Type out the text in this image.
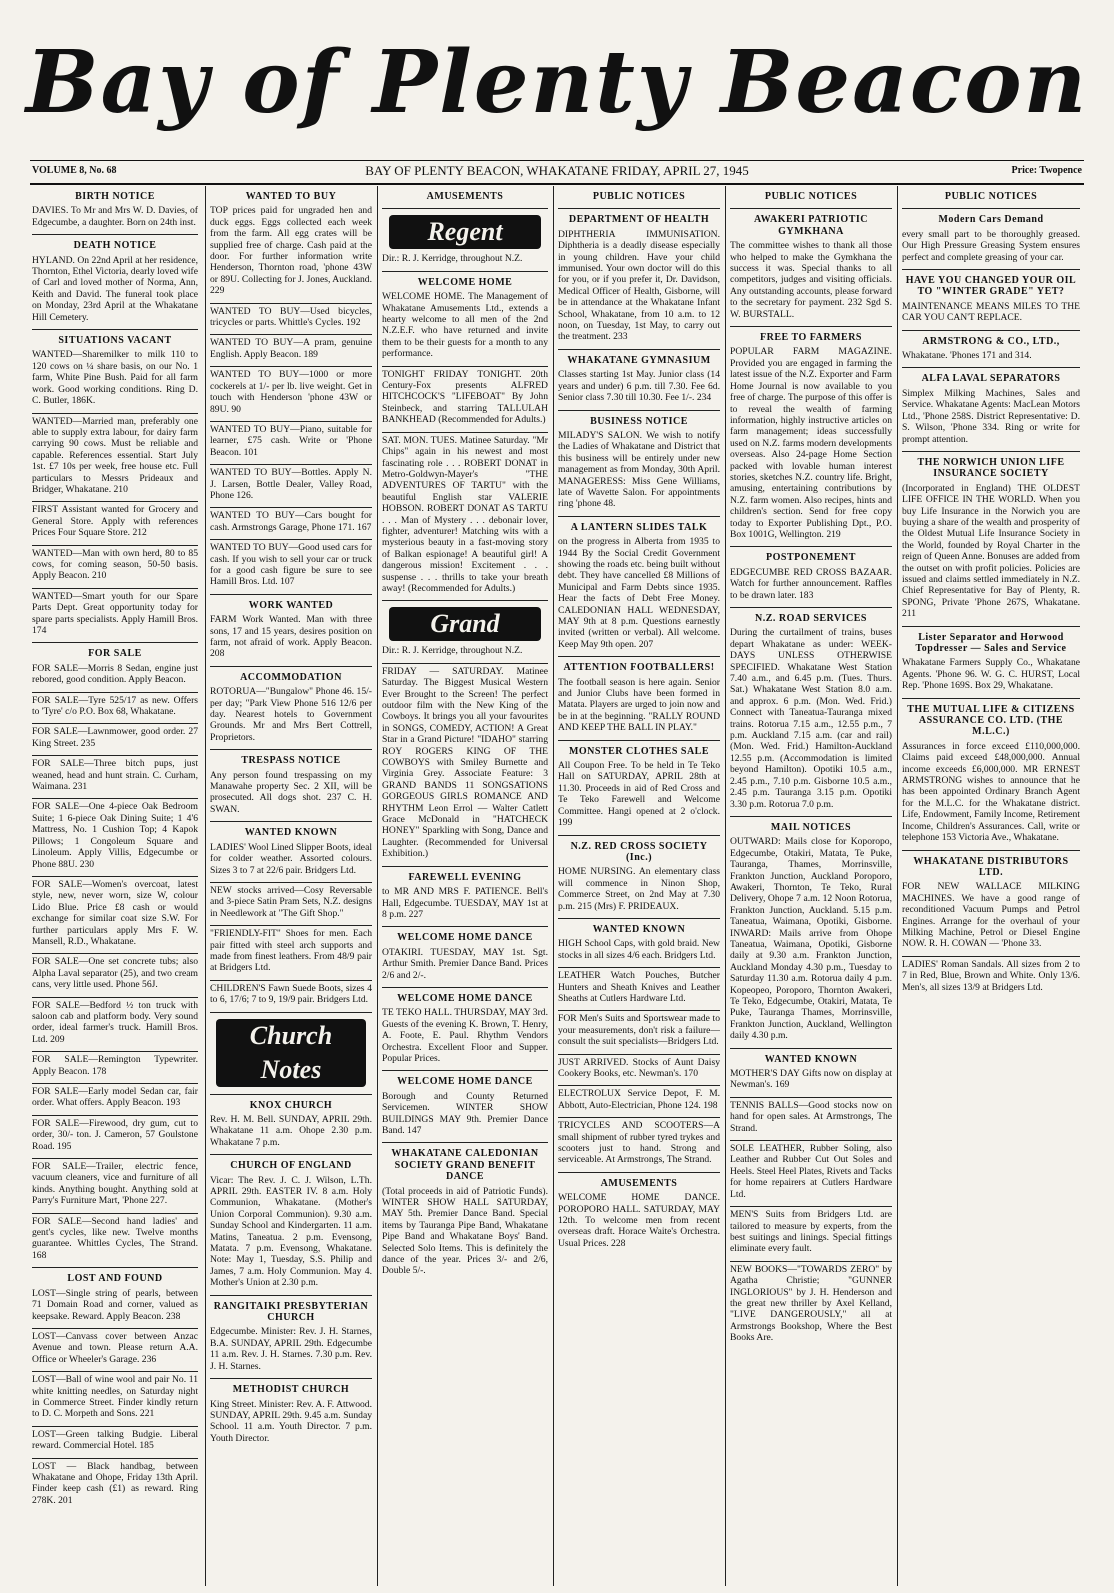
Bay of Plenty Beacon
VOLUME 8, No. 68	BAY OF PLENTY BEACON, WHAKATANE FRIDAY, APRIL 27, 1945	Price: Twopence
BIRTH NOTICE

DAVIES. To Mr and Mrs W. D. Davies, of Edgecumbe, a daughter. Born on 24th inst.

DEATH NOTICE

HYLAND. On 22nd April at her residence, Thornton, Ethel Victoria, dearly loved wife of Carl and loved mother of Norma, Ann, Keith and David. The funeral took place on Monday, 23rd April at the Whakatane Hill Cemetery.

SITUATIONS VACANT

WANTED—Sharemilker to milk 110 to 120 cows on ¼ share basis, on our No. 1 farm, White Pine Bush. Paid for all farm work. Good working conditions. Ring D. C. Butler, 186K.

WANTED—Married man, preferably one able to supply extra labour, for dairy farm carrying 90 cows. Must be reliable and capable. References essential. Start July 1st. £7 10s per week, free house etc. Full particulars to Messrs Prideaux and Bridger, Whakatane. 210

FIRST Assistant wanted for Grocery and General Store. Apply with references Prices Four Square Store. 212

WANTED—Man with own herd, 80 to 85 cows, for coming season, 50-50 basis. Apply Beacon. 210

WANTED—Smart youth for our Spare Parts Dept. Great opportunity today for spare parts specialists. Apply Hamill Bros. 174

FOR SALE

FOR SALE—Morris 8 Sedan, engine just rebored, good condition. Apply Beacon.

FOR SALE—Tyre 525/17 as new. Offers to 'Tyre' c/o P.O. Box 68, Whakatane.

FOR SALE—Lawnmower, good order. 27 King Street. 235

FOR SALE—Three bitch pups, just weaned, head and hunt strain. C. Curham, Waimana. 231

FOR SALE—One 4-piece Oak Bedroom Suite; 1 6-piece Oak Dining Suite; 1 4'6 Mattress, No. 1 Cushion Top; 4 Kapok Pillows; 1 Congoleum Square and Linoleum. Apply Villis, Edgecumbe or Phone 88U. 230

FOR SALE—Women's overcoat, latest style, new, never worn, size W, colour Lido Blue. Price £8 cash or would exchange for similar coat size S.W. For further particulars apply Mrs F. W. Mansell, R.D., Whakatane.

FOR SALE—One set concrete tubs; also Alpha Laval separator (25), and two cream cans, very little used. Phone 56J.

FOR SALE—Bedford ½ ton truck with saloon cab and platform body. Very sound order, ideal farmer's truck. Hamill Bros. Ltd. 209

FOR SALE—Remington Typewriter. Apply Beacon. 178

FOR SALE—Early model Sedan car, fair order. What offers. Apply Beacon. 193

FOR SALE—Firewood, dry gum, cut to order, 30/- ton. J. Cameron, 57 Goulstone Road. 195

FOR SALE—Trailer, electric fence, vacuum cleaners, vice and furniture of all kinds. Anything bought. Anything sold at Parry's Furniture Mart, 'Phone 227.

FOR SALE—Second hand ladies' and gent's cycles, like new. Twelve months guarantee. Whittles Cycles, The Strand. 168

LOST AND FOUND

LOST—Single string of pearls, between 71 Domain Road and corner, valued as keepsake. Reward. Apply Beacon. 238

LOST—Canvass cover between Anzac Avenue and town. Please return A.A. Office or Wheeler's Garage. 236

LOST—Ball of wine wool and pair No. 11 white knitting needles, on Saturday night in Commerce Street. Finder kindly return to D. C. Morpeth and Sons. 221

LOST—Green talking Budgie. Liberal reward. Commercial Hotel. 185

LOST — Black handbag, between Whakatane and Ohope, Friday 13th April. Finder keep cash (£1) as reward. Ring 278K. 201

WANTED TO BUY

TOP prices paid for ungraded hen and duck eggs. Eggs collected each week from the farm. All egg crates will be supplied free of charge. Cash paid at the door. For further information write Henderson, Thornton road, 'phone 43W or 89U. Collecting for J. Jones, Auckland. 229

WANTED TO BUY—Used bicycles, tricycles or parts. Whittle's Cycles. 192

WANTED TO BUY—A pram, genuine English. Apply Beacon. 189

WANTED TO BUY—1000 or more cockerels at 1/- per lb. live weight. Get in touch with Henderson 'phone 43W or 89U. 90

WANTED TO BUY—Piano, suitable for learner, £75 cash. Write or 'Phone Beacon. 101

WANTED TO BUY—Bottles. Apply N. J. Larsen, Bottle Dealer, Valley Road, Phone 126.

WANTED TO BUY—Cars bought for cash. Armstrongs Garage, Phone 171. 167

WANTED TO BUY—Good used cars for cash. If you wish to sell your car or truck for a good cash figure be sure to see Hamill Bros. Ltd. 107

WORK WANTED

FARM Work Wanted. Man with three sons, 17 and 15 years, desires position on farm, not afraid of work. Apply Beacon. 208

ACCOMMODATION

ROTORUA—"Bungalow" Phone 46. 15/- per day; "Park View Phone 516 12/6 per day. Nearest hotels to Government Grounds. Mr and Mrs Bert Cottrell, Proprietors.

TRESPASS NOTICE

Any person found trespassing on my Manawahe property Sec. 2 XII, will be prosecuted. All dogs shot. 237 C. H. SWAN.

WANTED KNOWN

LADIES' Wool Lined Slipper Boots, ideal for colder weather. Assorted colours. Sizes 3 to 7 at 22/6 pair. Bridgers Ltd.

NEW stocks arrived—Cosy Reversable and 3-piece Satin Pram Sets, N.Z. designs in Needlework at "The Gift Shop."

"FRIENDLY-FIT" Shoes for men. Each pair fitted with steel arch supports and made from finest leathers. From 48/9 pair at Bridgers Ltd.

CHILDREN'S Fawn Suede Boots, sizes 4 to 6, 17/6; 7 to 9, 19/9 pair. Bridgers Ltd.

Church Notes
KNOX CHURCH

Rev. H. M. Bell. SUNDAY, APRIL 29th. Whakatane 11 a.m. Ohope 2.30 p.m. Whakatane 7 p.m.

CHURCH OF ENGLAND

Vicar: The Rev. J. C. J. Wilson, L.Th. APRIL 29th. EASTER IV. 8 a.m. Holy Communion, Whakatane. (Mother's Union Corporal Communion). 9.30 a.m. Sunday School and Kindergarten. 11 a.m. Matins, Taneatua. 2 p.m. Evensong, Matata. 7 p.m. Evensong, Whakatane. Note: May 1, Tuesday, S.S. Philip and James, 7 a.m. Holy Communion. May 4. Mother's Union at 2.30 p.m.

RANGITAIKI PRESBYTERIAN CHURCH

Edgecumbe. Minister: Rev. J. H. Starnes, B.A. SUNDAY, APRIL 29th. Edgecumbe 11 a.m. Rev. J. H. Starnes. 7.30 p.m. Rev. J. H. Starnes.

METHODIST CHURCH

King Street. Minister: Rev. A. F. Attwood. SUNDAY, APRIL 29th. 9.45 a.m. Sunday School. 11 a.m. Youth Director. 7 p.m. Youth Director.

AMUSEMENTS
Regent

Dir.: R. J. Kerridge, throughout N.Z.

WELCOME HOME

WELCOME HOME. The Management of Whakatane Amusements Ltd., extends a hearty welcome to all men of the 2nd N.Z.E.F. who have returned and invite them to be their guests for a month to any performance.

TONIGHT FRIDAY TONIGHT. 20th Century-Fox presents ALFRED HITCHCOCK'S "LIFEBOAT" By John Steinbeck, and starring TALLULAH BANKHEAD (Recommended for Adults.)

SAT. MON. TUES. Matinee Saturday. "Mr Chips" again in his newest and most fascinating role . . . ROBERT DONAT in Metro-Goldwyn-Mayer's "THE ADVENTURES OF TARTU" with the beautiful English star VALERIE HOBSON. ROBERT DONAT AS TARTU . . . Man of Mystery . . . debonair lover, fighter, adventurer! Matching wits with a mysterious beauty in a fast-moving story of Balkan espionage! A beautiful girl! A dangerous mission! Excitement . . . suspense . . . thrills to take your breath away! (Recommended for Adults.)

Grand

Dir.: R. J. Kerridge, throughout N.Z.

FRIDAY — SATURDAY. Matinee Saturday. The Biggest Musical Western Ever Brought to the Screen! The perfect outdoor film with the New King of the Cowboys. It brings you all your favourites in SONGS, COMEDY, ACTION! A Great Star in a Grand Picture! "IDAHO" starring ROY ROGERS KING OF THE COWBOYS with Smiley Burnette and Virginia Grey. Associate Feature: 3 GRAND BANDS 11 SONGSATIONS GORGEOUS GIRLS ROMANCE AND RHYTHM Leon Errol — Walter Catlett Grace McDonald in "HATCHECK HONEY" Sparkling with Song, Dance and Laughter. (Recommended for Universal Exhibition.)

FAREWELL EVENING

to MR AND MRS F. PATIENCE. Bell's Hall, Edgecumbe. TUESDAY, MAY 1st at 8 p.m. 227

WELCOME HOME DANCE

OTAKIRI. TUESDAY, MAY 1st. Sgt. Arthur Smith. Premier Dance Band. Prices 2/6 and 2/-.

WELCOME HOME DANCE

TE TEKO HALL. THURSDAY, MAY 3rd. Guests of the evening K. Brown, T. Henry, A. Foote, E. Paul. Rhythm Vendors Orchestra. Excellent Floor and Supper. Popular Prices.

WELCOME HOME DANCE

Borough and County Returned Servicemen. WINTER SHOW BUILDINGS MAY 9th. Premier Dance Band. 147

WHAKATANE CALEDONIAN SOCIETY GRAND BENEFIT DANCE

(Total proceeds in aid of Patriotic Funds). WINTER SHOW HALL SATURDAY, MAY 5th. Premier Dance Band. Special items by Tauranga Pipe Band, Whakatane Pipe Band and Whakatane Boys' Band. Selected Solo Items. This is definitely the dance of the year. Prices 3/- and 2/6, Double 5/-.

PUBLIC NOTICES
DEPARTMENT OF HEALTH

DIPHTHERIA IMMUNISATION. Diphtheria is a deadly disease especially in young children. Have your child immunised. Your own doctor will do this for you, or if you prefer it, Dr. Davidson, Medical Officer of Health, Gisborne, will be in attendance at the Whakatane Infant School, Whakatane, from 10 a.m. to 12 noon, on Tuesday, 1st May, to carry out the treatment. 233

WHAKATANE GYMNASIUM

Classes starting 1st May. Junior class (14 years and under) 6 p.m. till 7.30. Fee 6d. Senior class 7.30 till 10.30. Fee 1/-. 234

BUSINESS NOTICE

MILADY'S SALON. We wish to notify the Ladies of Whakatane and District that this business will be entirely under new management as from Monday, 30th April. MANAGERESS: Miss Gene Williams, late of Wavette Salon. For appointments ring 'phone 48.

A LANTERN SLIDES TALK

on the progress in Alberta from 1935 to 1944 By the Social Credit Government showing the roads etc. being built without debt. They have cancelled £8 Millions of Municipal and Farm Debts since 1935. Hear the facts of Debt Free Money. CALEDONIAN HALL WEDNESDAY, MAY 9th at 8 p.m. Questions earnestly invited (written or verbal). All welcome. Keep May 9th open. 207

ATTENTION FOOTBALLERS!

The football season is here again. Senior and Junior Clubs have been formed in Matata. Players are urged to join now and be in at the beginning. "RALLY ROUND AND KEEP THE BALL IN PLAY."

MONSTER CLOTHES SALE

All Coupon Free. To be held in Te Teko Hall on SATURDAY, APRIL 28th at 11.30. Proceeds in aid of Red Cross and Te Teko Farewell and Welcome Committee. Hangi opened at 2 o'clock. 199

N.Z. RED CROSS SOCIETY (Inc.)

HOME NURSING. An elementary class will commence in Ninon Shop, Commerce Street, on 2nd May at 7.30 p.m. 215 (Mrs) F. PRIDEAUX.

WANTED KNOWN

HIGH School Caps, with gold braid. New stocks in all sizes 4/6 each. Bridgers Ltd.

LEATHER Watch Pouches, Butcher Hunters and Sheath Knives and Leather Sheaths at Cutlers Hardware Ltd.

FOR Men's Suits and Sportswear made to your measurements, don't risk a failure—consult the suit specialists—Bridgers Ltd.

JUST ARRIVED. Stocks of Aunt Daisy Cookery Books, etc. Newman's. 170

ELECTROLUX Service Depot, F. M. Abbott, Auto-Electrician, Phone 124. 198

TRICYCLES AND SCOOTERS—A small shipment of rubber tyred trykes and scooters just to hand. Strong and serviceable. At Armstrongs, The Strand.

AMUSEMENTS

WELCOME HOME DANCE. POROPORO HALL. SATURDAY, MAY 12th. To welcome men from recent overseas draft. Horace Waite's Orchestra. Usual Prices. 228

PUBLIC NOTICES
AWAKERI PATRIOTIC GYMKHANA

The committee wishes to thank all those who helped to make the Gymkhana the success it was. Special thanks to all competitors, judges and visiting officials. Any outstanding accounts, please forward to the secretary for payment. 232 Sgd S. W. BURSTALL.

FREE TO FARMERS

POPULAR FARM MAGAZINE. Provided you are engaged in farming the latest issue of the N.Z. Exporter and Farm Home Journal is now available to you free of charge. The purpose of this offer is to reveal the wealth of farming information, highly instructive articles on farm management; ideas successfully used on N.Z. farms modern developments overseas. Also 24-page Home Section packed with lovable human interest stories, sketches N.Z. country life. Bright, amusing, entertaining contributions by N.Z. farm women. Also recipes, hints and children's section. Send for free copy today to Exporter Publishing Dpt., P.O. Box 1001G, Wellington. 219

POSTPONEMENT

EDGECUMBE RED CROSS BAZAAR. Watch for further announcement. Raffles to be drawn later. 183

N.Z. ROAD SERVICES

During the curtailment of trains, buses depart Whakatane as under: WEEK-DAYS UNLESS OTHERWISE SPECIFIED. Whakatane West Station 7.40 a.m., and 6.45 p.m. (Tues. Thurs. Sat.) Whakatane West Station 8.0 a.m. and approx. 6 p.m. (Mon. Wed. Frid.) Connect with Taneatua-Tauranga mixed trains. Rotorua 7.15 a.m., 12.55 p.m., 7 p.m. Auckland 7.15 a.m. (car and rail) (Mon. Wed. Frid.) Hamilton-Auckland 12.55 p.m. (Accommodation is limited beyond Hamilton). Opotiki 10.5 a.m., 2.45 p.m., 7.10 p.m. Gisborne 10.5 a.m., 2.45 p.m. Tauranga 3.15 p.m. Opotiki 3.30 p.m. Rotorua 7.0 p.m.

MAIL NOTICES

OUTWARD: Mails close for Koporopo, Edgecumbe, Otakiri, Matata, Te Puke, Tauranga, Thames, Morrinsville, Frankton Junction, Auckland Poroporo, Awakeri, Thornton, Te Teko, Rural Delivery, Ohope 7 a.m. 12 Noon Rotorua, Frankton Junction, Auckland. 5.15 p.m. Taneatua, Waimana, Opotiki, Gisborne. INWARD: Mails arrive from Ohope Taneatua, Waimana, Opotiki, Gisborne daily at 9.30 a.m. Frankton Junction, Auckland Monday 4.30 p.m., Tuesday to Saturday 11.30 a.m. Rotorua daily 4 p.m. Kopeopeo, Poroporo, Thornton Awakeri, Te Teko, Edgecumbe, Otakiri, Matata, Te Puke, Tauranga Thames, Morrinsville, Frankton Junction, Auckland, Wellington daily 4.30 p.m.

WANTED KNOWN

MOTHER'S DAY Gifts now on display at Newman's. 169

TENNIS BALLS—Good stocks now on hand for open sales. At Armstrongs, The Strand.

SOLE LEATHER, Rubber Soling, also Leather and Rubber Cut Out Soles and Heels. Steel Heel Plates, Rivets and Tacks for home repairers at Cutlers Hardware Ltd.

MEN'S Suits from Bridgers Ltd. are tailored to measure by experts, from the best suitings and linings. Special fittings eliminate every fault.

NEW BOOKS—"TOWARDS ZERO" by Agatha Christie; "GUNNER INGLORIOUS" by J. H. Henderson and the great new thriller by Axel Kelland, "LIVE DANGEROUSLY," all at Armstrongs Bookshop, Where the Best Books Are.

PUBLIC NOTICES
Modern Cars Demand

every small part to be thoroughly greased. Our High Pressure Greasing System ensures perfect and complete greasing of your car.

HAVE YOU CHANGED YOUR OIL TO "WINTER GRADE" YET?

MAINTENANCE MEANS MILES TO THE CAR YOU CAN'T REPLACE.

ARMSTRONG & CO., LTD.,

Whakatane. 'Phones 171 and 314.

ALFA LAVAL SEPARATORS

Simplex Milking Machines, Sales and Service. Whakatane Agents: MacLean Motors Ltd., 'Phone 258S. District Representative: D. S. Wilson, 'Phone 334. Ring or write for prompt attention.

THE NORWICH UNION LIFE INSURANCE SOCIETY

(Incorporated in England) THE OLDEST LIFE OFFICE IN THE WORLD. When you buy Life Insurance in the Norwich you are buying a share of the wealth and prosperity of the Oldest Mutual Life Insurance Society in the World, founded by Royal Charter in the reign of Queen Anne. Bonuses are added from the outset on with profit policies. Policies are issued and claims settled immediately in N.Z. Chief Representative for Bay of Plenty, R. SPONG, Private 'Phone 267S, Whakatane. 211

Lister Separator and Horwood Topdresser — Sales and Service

Whakatane Farmers Supply Co., Whakatane Agents. 'Phone 96. W. G. C. HURST, Local Rep. 'Phone 169S. Box 29, Whakatane.

THE MUTUAL LIFE & CITIZENS ASSURANCE CO. LTD. (THE M.L.C.)

Assurances in force exceed £110,000,000. Claims paid exceed £48,000,000. Annual income exceeds £6,000,000. MR ERNEST ARMSTRONG wishes to announce that he has been appointed Ordinary Branch Agent for the M.L.C. for the Whakatane district. Life, Endowment, Family Income, Retirement Income, Children's Assurances. Call, write or telephone 153 Victoria Ave., Whakatane.

WHAKATANE DISTRIBUTORS LTD.

FOR NEW WALLACE MILKING MACHINES. We have a good range of reconditioned Vacuum Pumps and Petrol Engines. Arrange for the overhaul of your Milking Machine, Petrol or Diesel Engine NOW. R. H. COWAN — 'Phone 33.

LADIES' Roman Sandals. All sizes from 2 to 7 in Red, Blue, Brown and White. Only 13/6. Men's, all sizes 13/9 at Bridgers Ltd.
